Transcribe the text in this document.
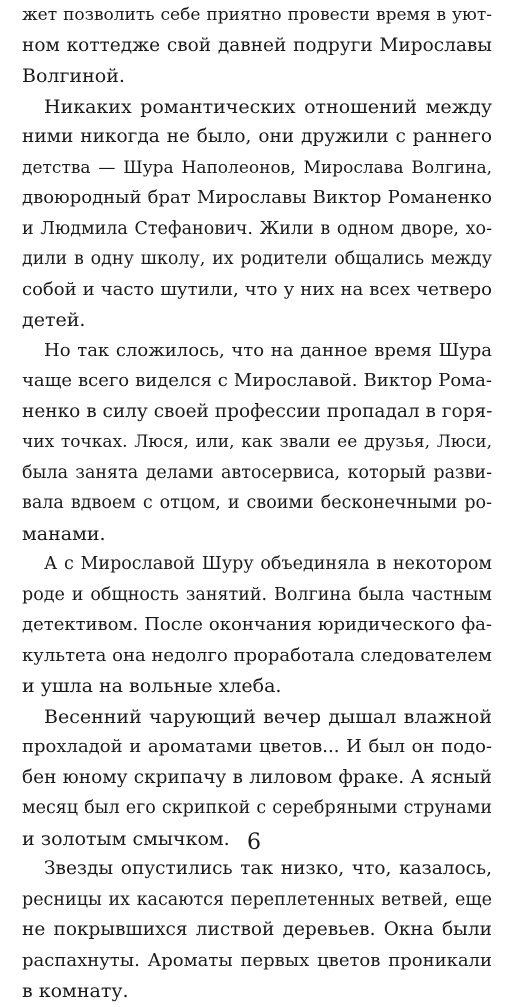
жет позволить себе приятно провести время в уют-
ном коттедже свой давней подруги Мирославы
Волгиной.
Никаких романтических отношений между
ними никогда не было, они дружили с раннего
детства — Шура Наполеонов, Мирослава Волгина,
двоюродный брат Мирославы Виктор Романенко
и Людмила Стефанович. Жили в одном дворе, хо-
дили в одну школу, их родители общались между
собой и часто шутили, что у них на всех четверо
детей.
Но так сложилось, что на данное время Шура
чаще всего виделся с Мирославой. Виктор Рома-
ненко в силу своей профессии пропадал в горя-
чих точках. Люся, или, как звали ее друзья, Люси,
была занята делами автосервиса, который разви-
вала вдвоем с отцом, и своими бесконечными ро-
манами.
А с Мирославой Шуру объединяла в некотором
роде и общность занятий. Волгина была частным
детективом. После окончания юридического фа-
культета она недолго проработала следователем
и ушла на вольные хлеба.
Весенний чарующий вечер дышал влажной
прохладой и ароматами цветов... И был он подо-
бен юному скрипачу в лиловом фраке. А ясный
месяц был его скрипкой с серебряными струнами
и золотым смычком.
Звезды опустились так низко, что, казалось,
ресницы их касаются переплетенных ветвей, еще
не покрывшихся листвой деревьев. Окна были
распахнуты. Ароматы первых цветов проникали
в комнату.
6
